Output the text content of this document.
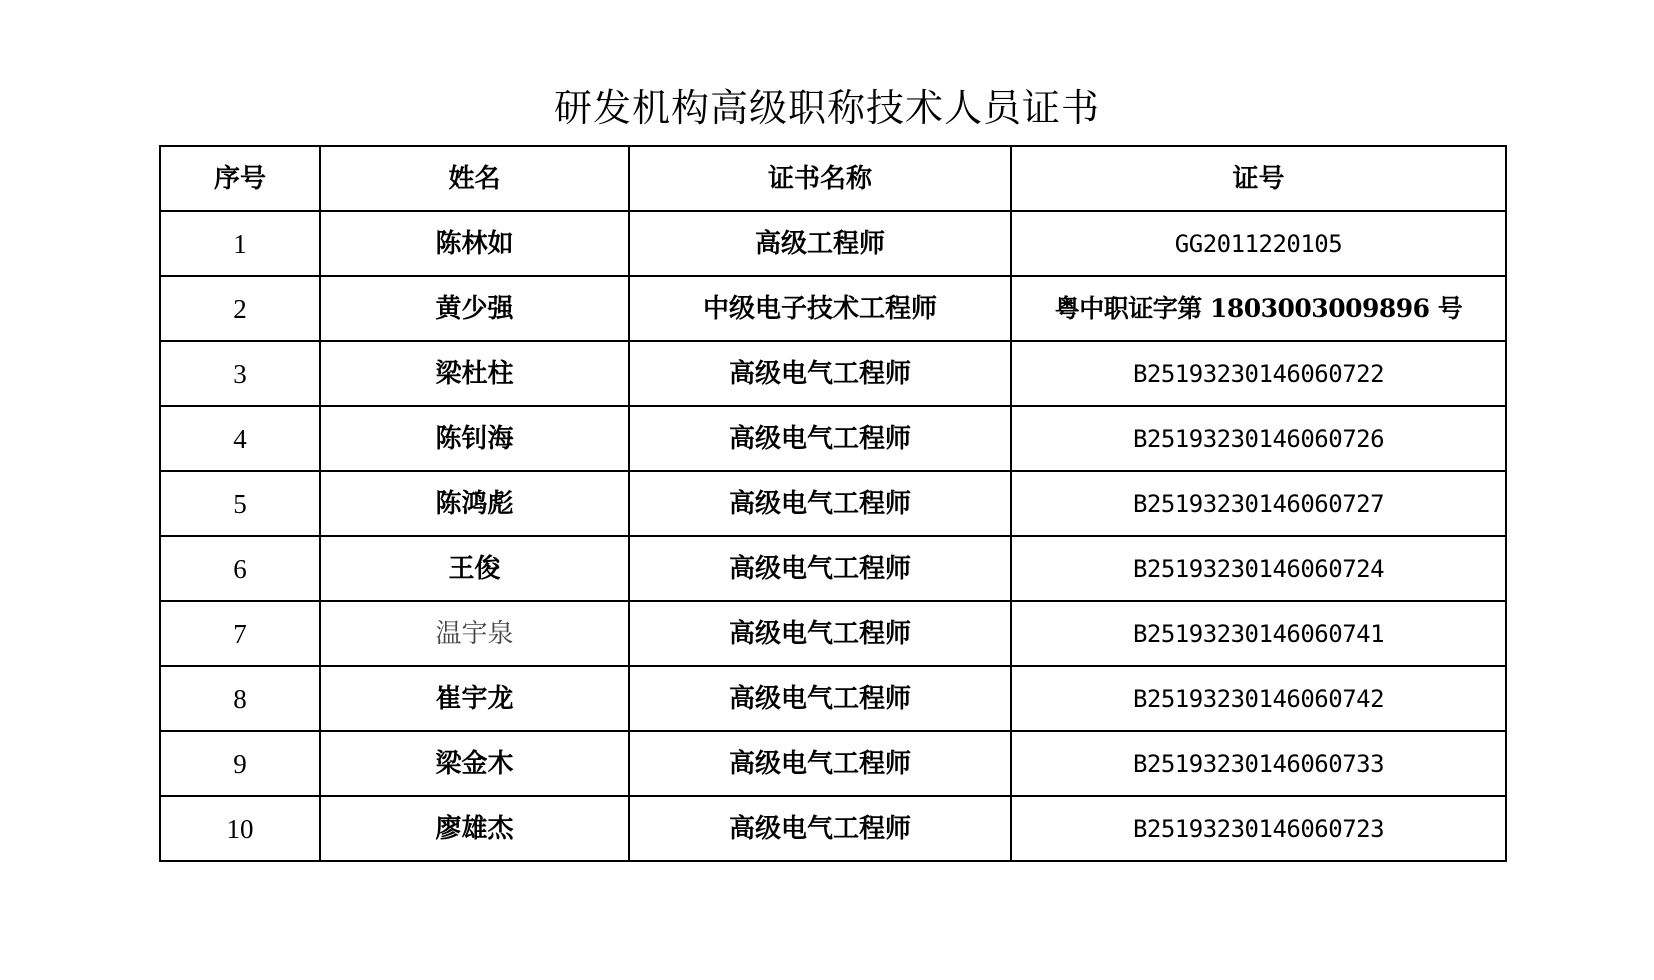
研发机构高级职称技术人员证书
序号	姓名	证书名称	证号
1	陈林如	高级工程师	GG2011220105
2	黄少强	中级电子技术工程师	粤中职证字第 1803003009896 号
3	梁杜柱	高级电气工程师	B25193230146060722
4	陈钊海	高级电气工程师	B25193230146060726
5	陈鸿彪	高级电气工程师	B25193230146060727
6	王俊	高级电气工程师	B25193230146060724
7	温宇泉	高级电气工程师	B25193230146060741
8	崔宇龙	高级电气工程师	B25193230146060742
9	梁金木	高级电气工程师	B25193230146060733
10	廖雄杰	高级电气工程师	B25193230146060723
